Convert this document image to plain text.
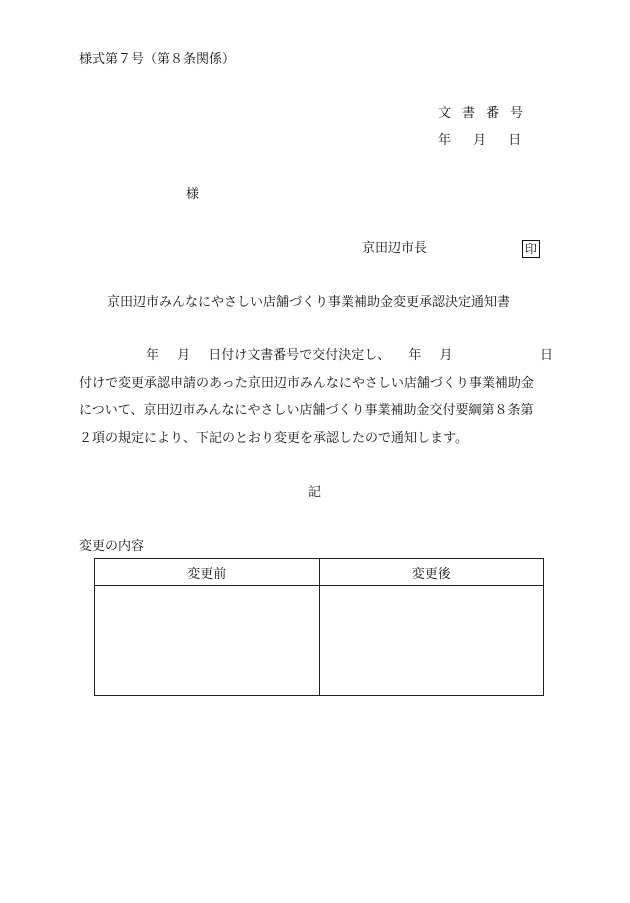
様式第７号（第８条関係）
文書番号
年 月 日
様
京田辺市長	印
京田辺市みんなにやさしい店舗づくり事業補助金変更承認決定通知書
年 月 日付け文書番号で交付決定し、 年 月	日
付けで変更承認申請のあった京田辺市みんなにやさしい店舗づくり事業補助金
について、京田辺市みんなにやさしい店舗づくり事業補助金交付要綱第８条第
２項の規定により、下記のとおり変更を承認したので通知します。
記
変更の内容
変更前	変更後
